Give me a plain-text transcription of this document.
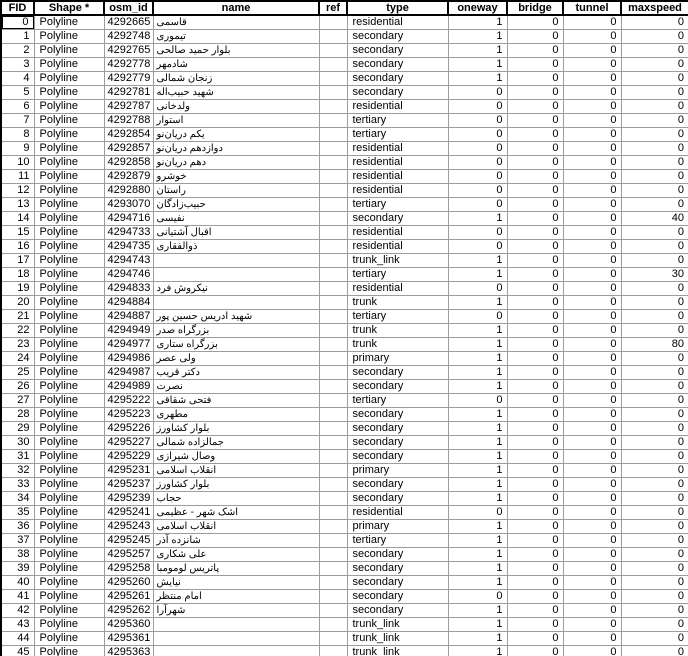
FID	Shape *	osm_id	name	ref	type	oneway	bridge	tunnel	maxspeed

0	Polyline	4292665	قاسمی		residential	1	0	0	0
1	Polyline	4292748	تیموری		secondary	1	0	0	0
2	Polyline	4292765	بلوار حمید صالحی		secondary	1	0	0	0
3	Polyline	4292778	شادمهر		secondary	1	0	0	0
4	Polyline	4292779	زنجان شمالی		secondary	1	0	0	0
5	Polyline	4292781	شهید حبیب‌اله		secondary	0	0	0	0
6	Polyline	4292787	ولدخانی		residential	0	0	0	0
7	Polyline	4292788	استوار		tertiary	0	0	0	0
8	Polyline	4292854	یکم دریان‌نو		tertiary	0	0	0	0
9	Polyline	4292857	دوازدهم دریان‌نو		residential	0	0	0	0
10	Polyline	4292858	دهم دریان‌نو		residential	0	0	0	0
11	Polyline	4292879	خوشرو		residential	0	0	0	0
12	Polyline	4292880	راستان		residential	0	0	0	0
13	Polyline	4293070	حبیب‌زادگان		tertiary	0	0	0	0
14	Polyline	4294716	نفیسی		secondary	1	0	0	40
15	Polyline	4294733	اقبال آشتیانی		residential	0	0	0	0
16	Polyline	4294735	ذوالفقاری		residential	0	0	0	0
17	Polyline	4294743			trunk_link	1	0	0	0
18	Polyline	4294746			tertiary	1	0	0	30
19	Polyline	4294833	نیکروش فرد		residential	0	0	0	0
20	Polyline	4294884			trunk	1	0	0	0
21	Polyline	4294887	شهید ادریس حسین پور		tertiary	0	0	0	0
22	Polyline	4294949	بزرگراه صدر		trunk	1	0	0	0
23	Polyline	4294977	بزرگراه ستاری		trunk	1	0	0	80
24	Polyline	4294986	ولی عصر		primary	1	0	0	0
25	Polyline	4294987	دکتر قریب		secondary	1	0	0	0
26	Polyline	4294989	نصرت		secondary	1	0	0	0
27	Polyline	4295222	فتحی شقاقی		tertiary	0	0	0	0
28	Polyline	4295223	مطهری		secondary	1	0	0	0
29	Polyline	4295226	بلوار کشاورز		secondary	1	0	0	0
30	Polyline	4295227	جمالزاده شمالی		secondary	1	0	0	0
31	Polyline	4295229	وصال شیرازی		secondary	1	0	0	0
32	Polyline	4295231	انقلاب اسلامی		primary	1	0	0	0
33	Polyline	4295237	بلوار کشاورز		secondary	1	0	0	0
34	Polyline	4295239	حجاب		secondary	1	0	0	0
35	Polyline	4295241	اشک شهر - عظیمی		residential	0	0	0	0
36	Polyline	4295243	انقلاب اسلامی		primary	1	0	0	0
37	Polyline	4295245	شانزده آذر		tertiary	1	0	0	0
38	Polyline	4295257	علی شکاری		secondary	1	0	0	0
39	Polyline	4295258	پاتریس لومومبا		secondary	1	0	0	0
40	Polyline	4295260	نیایش		secondary	1	0	0	0
41	Polyline	4295261	امام منتظر		secondary	0	0	0	0
42	Polyline	4295262	شهرآرا		secondary	1	0	0	0
43	Polyline	4295360			trunk_link	1	0	0	0
44	Polyline	4295361			trunk_link	1	0	0	0
45	Polyline	4295363			trunk_link	1	0	0	0
